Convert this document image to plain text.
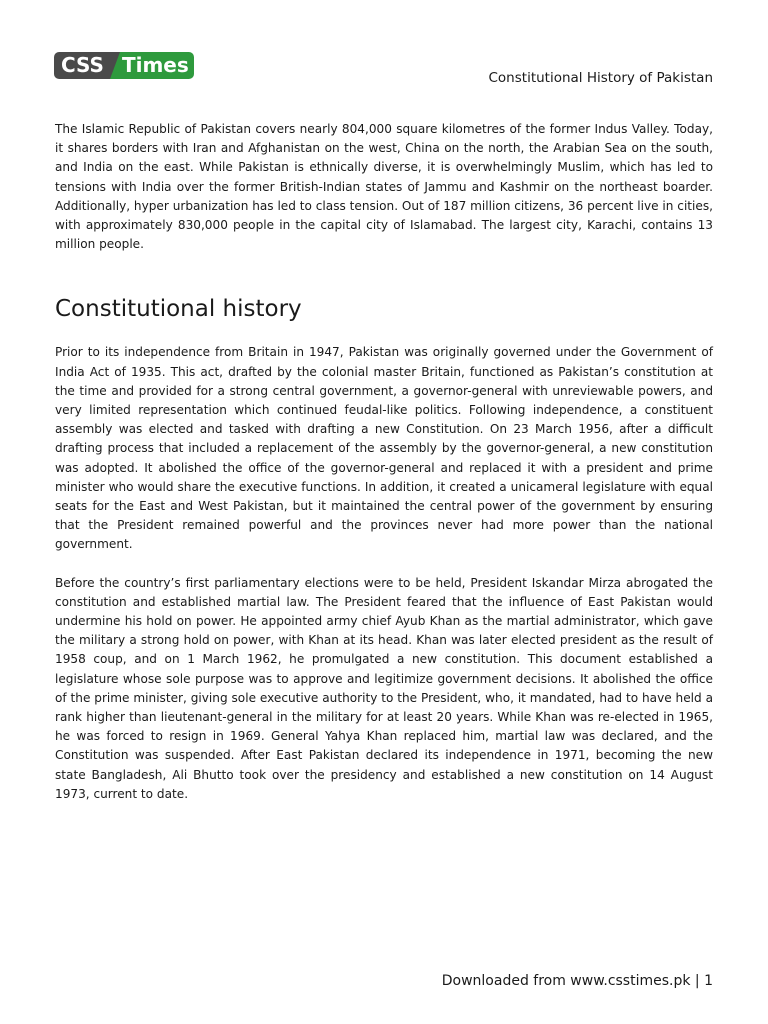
CSS Times
Constitutional History of Pakistan

The Islamic Republic of Pakistan covers nearly 804,000 square kilometres of the former Indus Valley. Today, it shares borders with Iran and Afghanistan on the west, China on the north, the Arabian Sea on the south, and India on the east. While Pakistan is ethnically diverse, it is overwhelmingly Muslim, which has led to tensions with India over the former British-Indian states of Jammu and Kashmir on the northeast boarder. Additionally, hyper urbanization has led to class tension. Out of 187 million citizens, 36 percent live in cities, with approximately 830,000 people in the capital city of Islamabad. The largest city, Karachi, contains 13 million people.

Constitutional history

Prior to its independence from Britain in 1947, Pakistan was originally governed under the Government of India Act of 1935. This act, drafted by the colonial master Britain, functioned as Pakistan’s constitution at the time and provided for a strong central government, a governor-general with unreviewable powers, and very limited representation which continued feudal-like politics. Following independence, a constituent assembly was elected and tasked with drafting a new Constitution. On 23 March 1956, after a difficult drafting process that included a replacement of the assembly by the governor-general, a new constitution was adopted. It abolished the office of the governor-general and replaced it with a president and prime minister who would share the executive functions. In addition, it created a unicameral legislature with equal seats for the East and West Pakistan, but it maintained the central power of the government by ensuring that the President remained powerful and the provinces never had more power than the national government.

Before the country’s first parliamentary elections were to be held, President Iskandar Mirza abrogated the constitution and established martial law. The President feared that the influence of East Pakistan would undermine his hold on power. He appointed army chief Ayub Khan as the martial administrator, which gave the military a strong hold on power, with Khan at its head. Khan was later elected president as the result of 1958 coup, and on 1 March 1962, he promulgated a new constitution. This document established a legislature whose sole purpose was to approve and legitimize government decisions. It abolished the office of the prime minister, giving sole executive authority to the President, who, it mandated, had to have held a rank higher than lieutenant-general in the military for at least 20 years. While Khan was re-elected in 1965, he was forced to resign in 1969. General Yahya Khan replaced him, martial law was declared, and the Constitution was suspended. After East Pakistan declared its independence in 1971, becoming the new state Bangladesh, Ali Bhutto took over the presidency and established a new constitution on 14 August 1973, current to date.

Downloaded from www.csstimes.pk | 1
